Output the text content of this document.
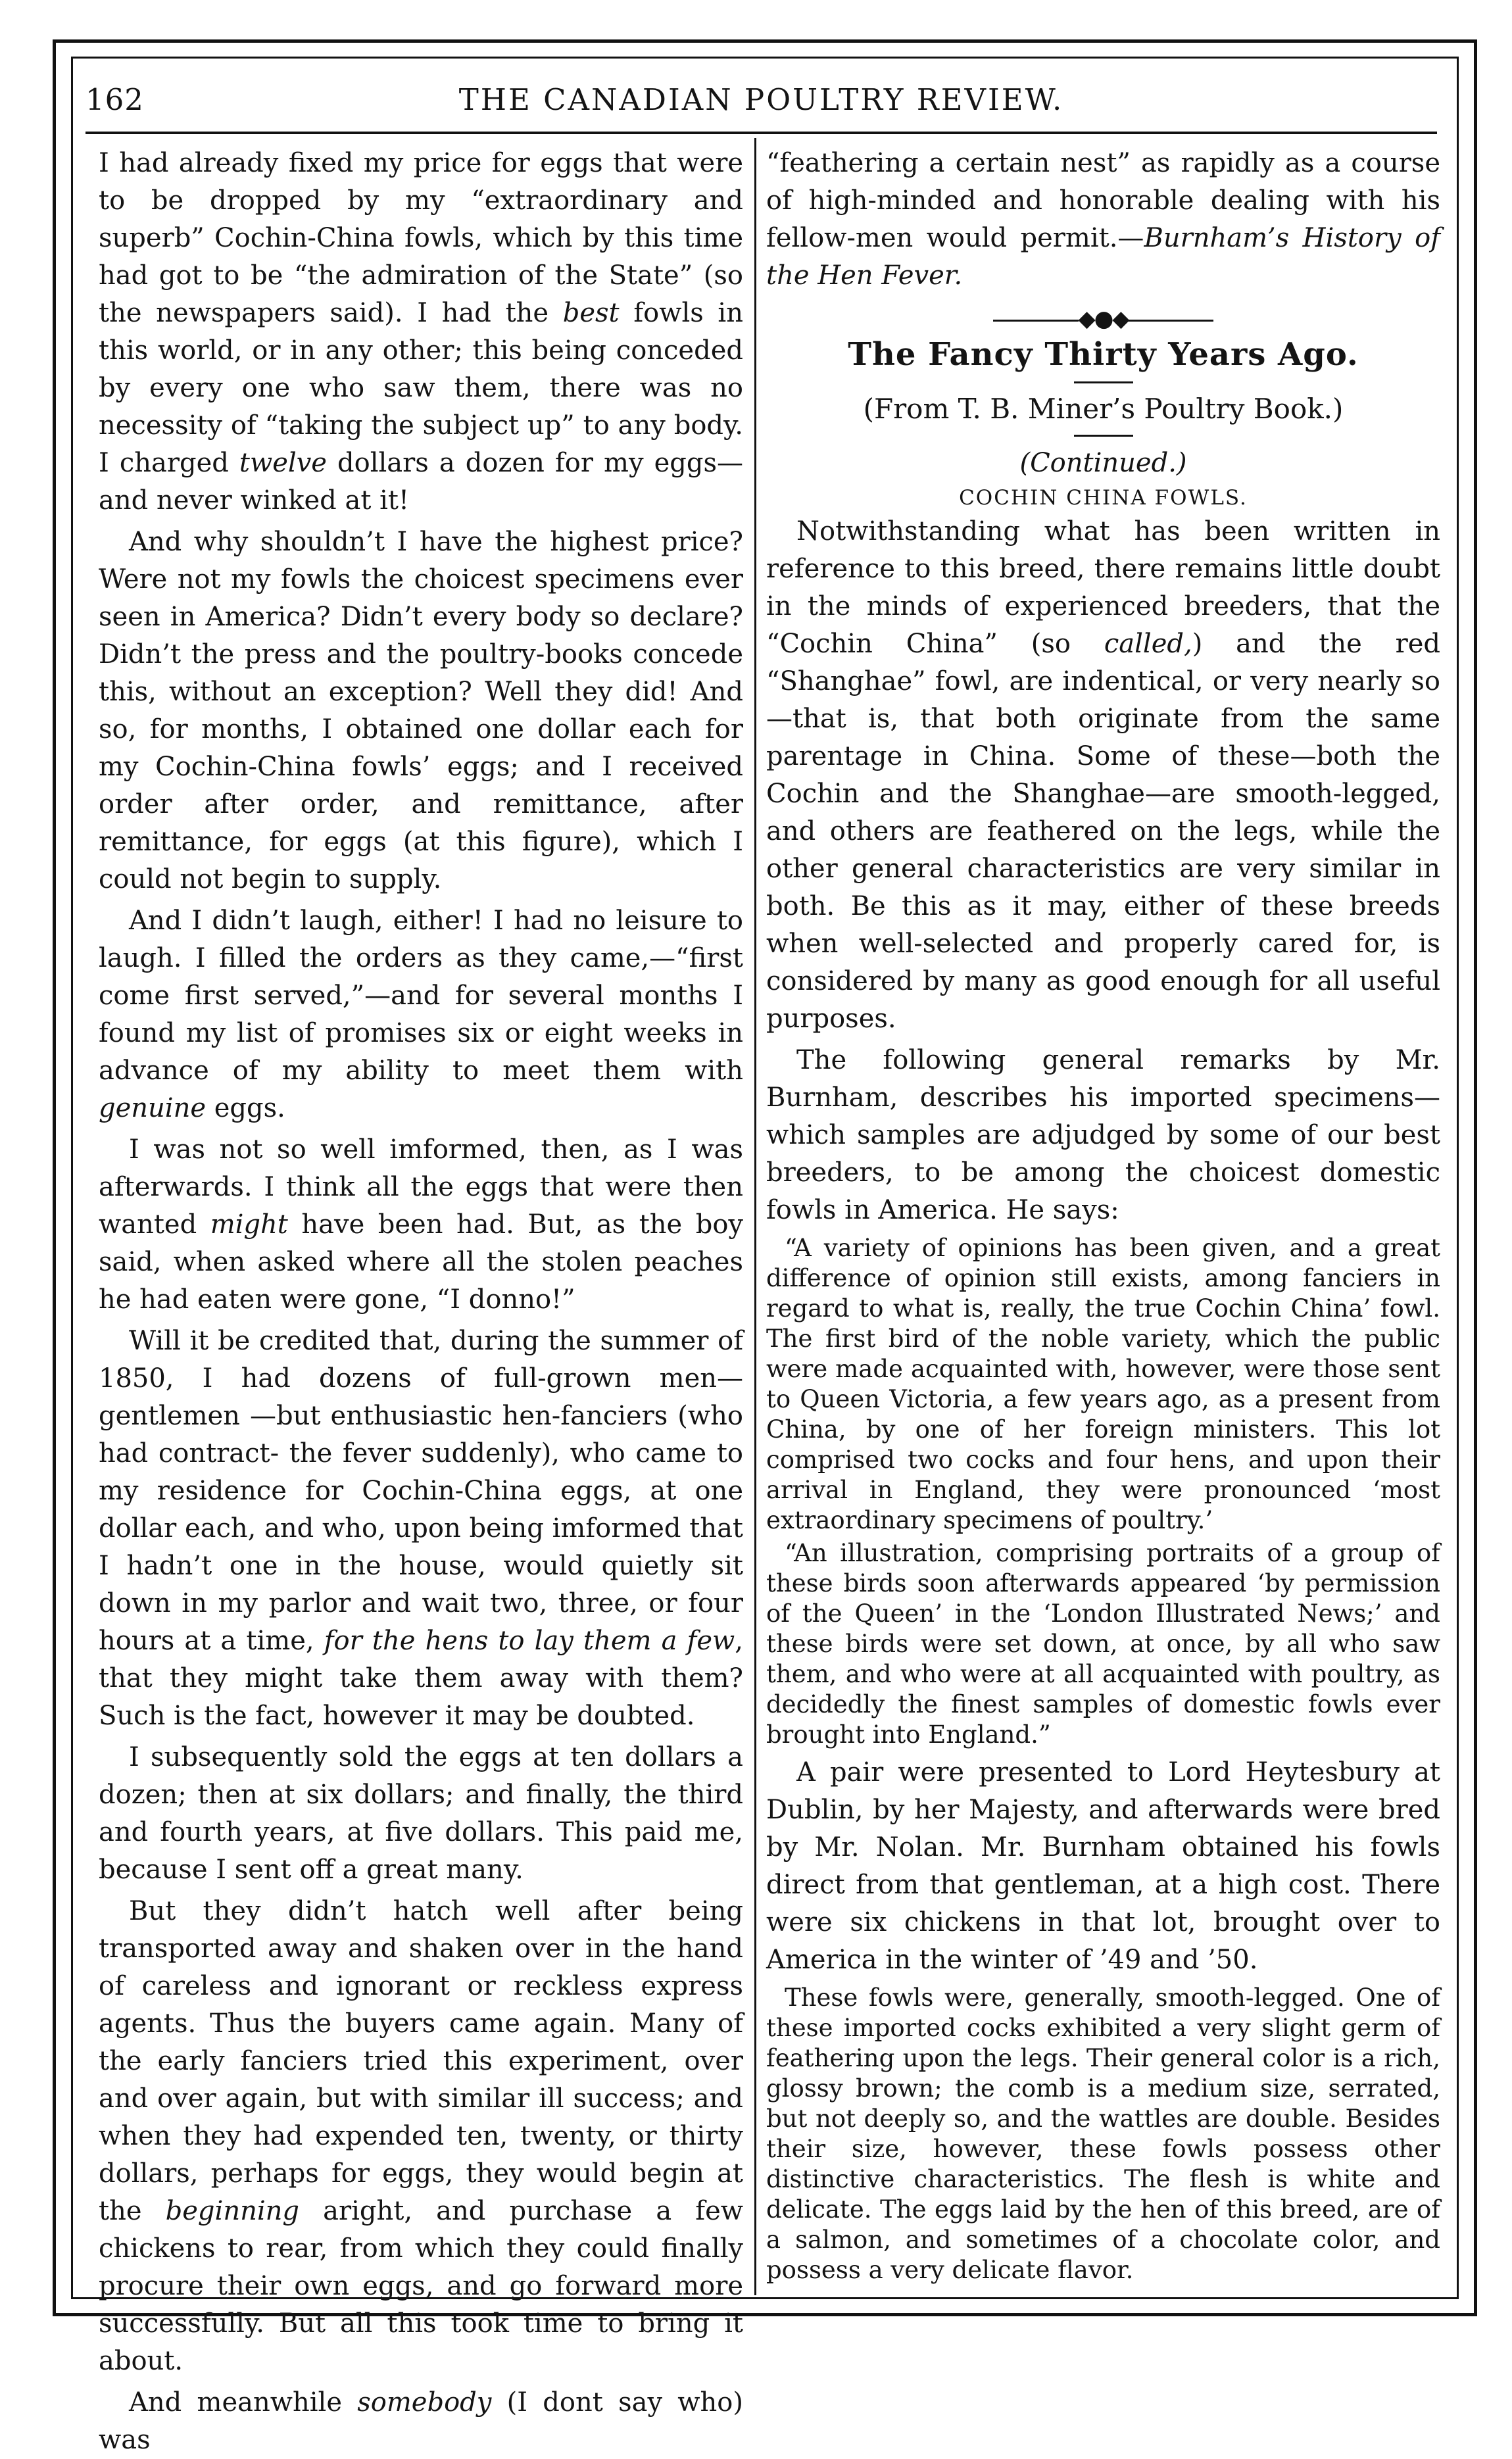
162	THE CANADIAN POULTRY REVIEW.

I had already fixed my price for eggs that were to be dropped by my “extraordinary and superb” Cochin-China fowls, which by this time had got to be “the admiration of the State” (so the newspapers said). I had the best fowls in this world, or in any other; this being conceded by every one who saw them, there was no necessity of “taking the subject up” to any body. I charged twelve dollars a dozen for my eggs—and never winked at it!

And why shouldn’t I have the highest price? Were not my fowls the choicest specimens ever seen in America? Didn’t every body so declare? Didn’t the press and the poultry-books concede this, without an exception? Well they did! And so, for months, I obtained one dollar each for my Cochin-China fowls’ eggs; and I received order after order, and remittance, after remittance, for eggs (at this figure), which I could not begin to supply.

And I didn’t laugh, either! I had no leisure to laugh. I filled the orders as they came,—“first come first served,”—and for several months I found my list of promises six or eight weeks in advance of my ability to meet them with genuine eggs.

I was not so well imformed, then, as I was afterwards. I think all the eggs that were then wanted might have been had. But, as the boy said, when asked where all the stolen peaches he had eaten were gone, “I donno!”

Will it be credited that, during the summer of 1850, I had dozens of full-grown men—gentlemen —but enthusiastic hen-fanciers (who had contract- the fever suddenly), who came to my residence for Cochin-China eggs, at one dollar each, and who, upon being imformed that I hadn’t one in the house, would quietly sit down in my parlor and wait two, three, or four hours at a time, for the hens to lay them a few, that they might take them away with them? Such is the fact, however it may be doubted.

I subsequently sold the eggs at ten dollars a dozen; then at six dollars; and finally, the third and fourth years, at five dollars. This paid me, because I sent off a great many.

But they didn’t hatch well after being transported away and shaken over in the hand of careless and ignorant or reckless express agents. Thus the buyers came again. Many of the early fanciers tried this experiment, over and over again, but with similar ill success; and when they had expended ten, twenty, or thirty dollars, perhaps for eggs, they would begin at the beginning aright, and purchase a few chickens to rear, from which they could finally procure their own eggs, and go forward more successfully. But all this took time to bring it about.

And meanwhile somebody (I dont say who) was

“feathering a certain nest” as rapidly as a course of high-minded and honorable dealing with his fellow-men would permit.—Burnham’s History of the Hen Fever.

◆●◆
The Fancy Thirty Years Ago.
(From T. B. Miner’s Poultry Book.)
(Continued.)
COCHIN CHINA FOWLS.

Notwithstanding what has been written in reference to this breed, there remains little doubt in the minds of experienced breeders, that the “Cochin China” (so called,) and the red “Shanghae” fowl, are indentical, or very nearly so—that is, that both originate from the same parentage in China. Some of these—both the Cochin and the Shanghae—are smooth-legged, and others are feathered on the legs, while the other general characteristics are very similar in both. Be this as it may, either of these breeds when well-selected and properly cared for, is considered by many as good enough for all useful purposes.

The following general remarks by Mr. Burnham, describes his imported specimens—which samples are adjudged by some of our best breeders, to be among the choicest domestic fowls in America. He says:

“A variety of opinions has been given, and a great difference of opinion still exists, among fanciers in regard to what is, really, the true Cochin China’ fowl. The first bird of the noble variety, which the public were made acquainted with, however, were those sent to Queen Victoria, a few years ago, as a present from China, by one of her foreign ministers. This lot comprised two cocks and four hens, and upon their arrival in England, they were pronounced ‘most extraordinary specimens of poultry.’

“An illustration, comprising portraits of a group of these birds soon afterwards appeared ‘by permission of the Queen’ in the ‘London Illustrated News;’ and these birds were set down, at once, by all who saw them, and who were at all acquainted with poultry, as decidedly the finest samples of domestic fowls ever brought into England.”

A pair were presented to Lord Heytesbury at Dublin, by her Majesty, and afterwards were bred by Mr. Nolan. Mr. Burnham obtained his fowls direct from that gentleman, at a high cost. There were six chickens in that lot, brought over to America in the winter of ’49 and ’50.

These fowls were, generally, smooth-legged. One of these imported cocks exhibited a very slight germ of feathering upon the legs. Their general color is a rich, glossy brown; the comb is a medium size, serrated, but not deeply so, and the wattles are double. Besides their size, however, these fowls possess other distinctive characteristics. The flesh is white and delicate. The eggs laid by the hen of this breed, are of a salmon, and sometimes of a chocolate color, and possess a very delicate flavor.
